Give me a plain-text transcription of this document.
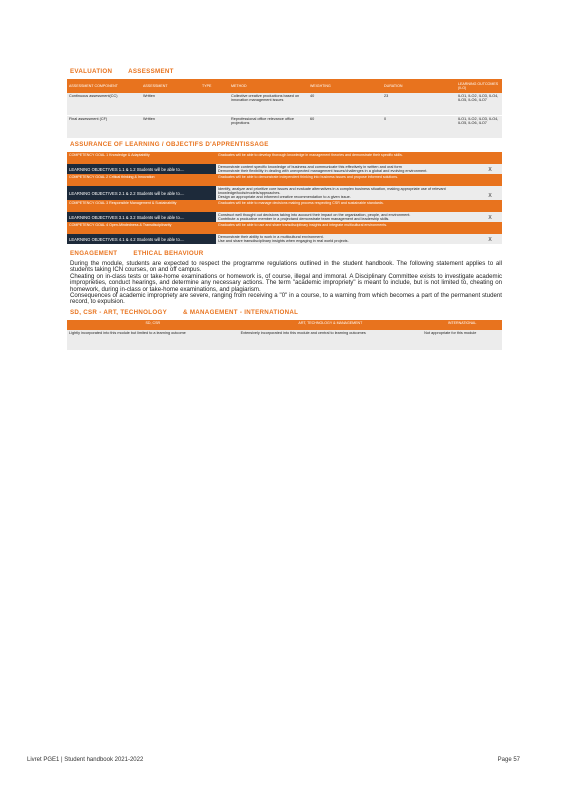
EVALUATION	ASSESSMENT
ASSESSMENT COMPONENT	ASSESSMENT	TYPE	METHOD	WEIGHTING	DURATION	LEARNING OUTCOMES (ILO)
Continuous assessment(CC)	Written		Collective creative productions based on innovation management issues	40	23	ILO1, ILO2, ILO3, ILO4, ILO5, ILO6, ILO7
Final assessment (CF)	Written		Reprofessional office relevance office projections	60	0	ILO1, ILO2, ILO3, ILO4, ILO5, ILO6, ILO7
ASSURANCE OF LEARNING / OBJECTIFS D'APPRENTISSAGE
COMPETENCY GOAL 1 Knowledge & Adaptability	Graduates will be able to develop thorough knowledge in management theories and demonstrate their specific skills.	
LEARNING OBJECTIVES 1.1 & 1.2 Students will be able to....	Demonstrate content specific knowledge of business and communicate this effectively in written and oral form
Demonstrate their flexibility in dealing with unexpected management issues/challenges in a global and evolving environment.	X
COMPETENCY GOAL 2 Critical thinking & Innovation	Graduates will be able to demonstrate independent thinking into business issues and propose informed solutions.	
LEARNING OBJECTIVES 2.1 & 2.2 Students will be able to....	Identify, analyze and prioritize core issues and evaluate alternatives in a complex business situation, making appropriate use of relevant knowledge/tools/models/approaches.
Design an appropriate and informed creative recommendation to a given issue.	X
COMPETENCY GOAL 3 Responsible Management & Sustainability	Graduates will be able to manage decisions making process respecting CSR and sustainable standards.	
LEARNING OBJECTIVES 3.1 & 3.2 Students will be able to....	Construct well thought out decisions taking into account their impact on the organization, people, and environment.
Contribute a productive member in a projectand demonstrate team management and leadership skills.	X
COMPETENCY GOAL 4 Open-Mindedness & Transdisciplinarity	Graduates will be able to use and share transdisciplinary insights and integrate multicultural environments.	
LEARNING OBJECTIVES 4.1 & 4.2 Students will be able to....	Demonstrate their ability to work in a multicultural environment.
Use and share transdisciplinary insights when engaging in real world projects.	X
ENGAGEMENT	ETHICAL BEHAVIOUR
During the module, students are expected to respect the programme regulations outlined in the student handbook. The following statement applies to all students taking ICN courses, on and off campus.
Cheating on in-class tests or take-home examinations or homework is, of course, illegal and immoral. A Disciplinary Committee exists to investigate academic improprieties, conduct hearings, and determine any necessary actions. The term "academic impropriety" is meant to include, but is not limited to, cheating on homework, during in-class or take-home examinations, and plagiarism.
Consequences of academic impropriety are severe, ranging from receiving a "0" in a course, to a warning from which becomes a part of the permanent student record, to expulsion.
SD, CSR - ART, TECHNOLOGY	& MANAGEMENT - INTERNATIONAL
SD, CSR	ART, TECHNOLOGY & MANAGEMENT	INTERNATIONAL
Lightly incorporated into this module but limited to a learning outcome	Extensively incorporated into this module and central to learning outcomes	Not appropriate for this module
Livret PGE1 | Student handbook 2021-2022	Page 57
